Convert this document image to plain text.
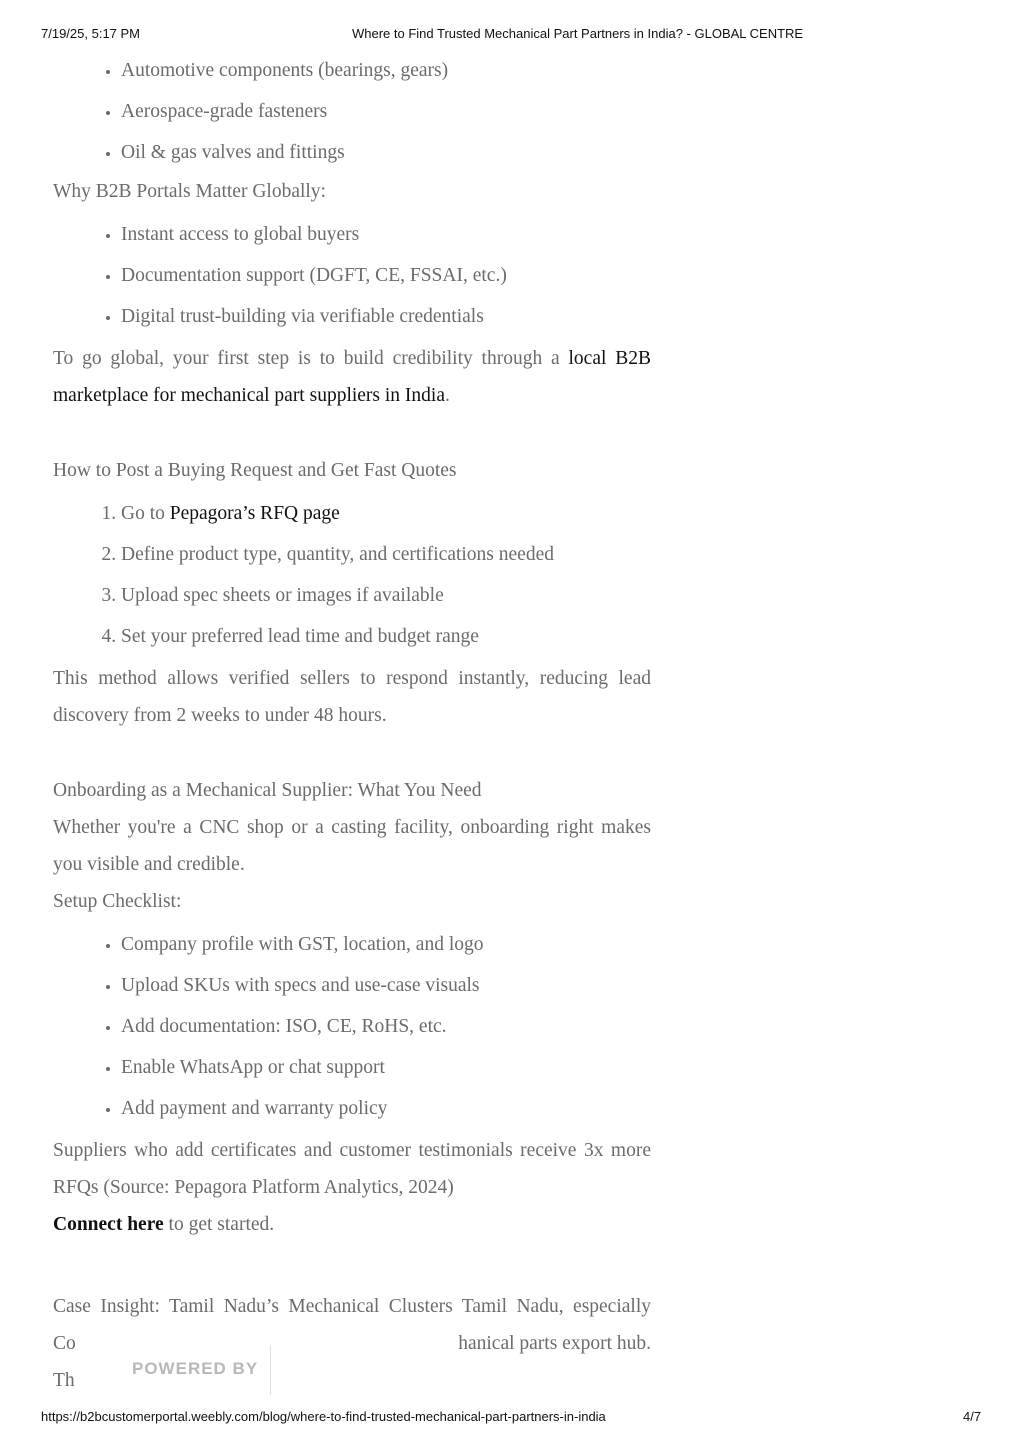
7/19/25, 5:17 PM	Where to Find Trusted Mechanical Part Partners in India? - GLOBAL CENTRE
• Automotive components (bearings, gears)
• Aerospace-grade fasteners
• Oil & gas valves and fittings

Why B2B Portals Matter Globally:

• Instant access to global buyers
• Documentation support (DGFT, CE, FSSAI, etc.)
• Digital trust-building via verifiable credentials

To go global, your first step is to build credibility through a local B2B marketplace for mechanical part suppliers in India.

How to Post a Buying Request and Get Fast Quotes

1. Go to Pepagora’s RFQ page
2. Define product type, quantity, and certifications needed
3. Upload spec sheets or images if available
4. Set your preferred lead time and budget range

This method allows verified sellers to respond instantly, reducing lead discovery from 2 weeks to under 48 hours.

Onboarding as a Mechanical Supplier: What You Need

Whether you're a CNC shop or a casting facility, onboarding right makes you visible and credible.

Setup Checklist:

• Company profile with GST, location, and logo
• Upload SKUs with specs and use-case visuals
• Add documentation: ISO, CE, RoHS, etc.
• Enable WhatsApp or chat support
• Add payment and warranty policy

Suppliers who add certificates and customer testimonials receive 3x more RFQs (Source: Pepagora Platform Analytics, 2024)

Connect here to get started.

Case Insight: Tamil Nadu’s Mechanical Clusters Tamil Nadu, especially

Co	hanical parts export hub.

Th

POWERED BY
https://b2bcustomerportal.weebly.com/blog/where-to-find-trusted-mechanical-part-partners-in-india	4/7
